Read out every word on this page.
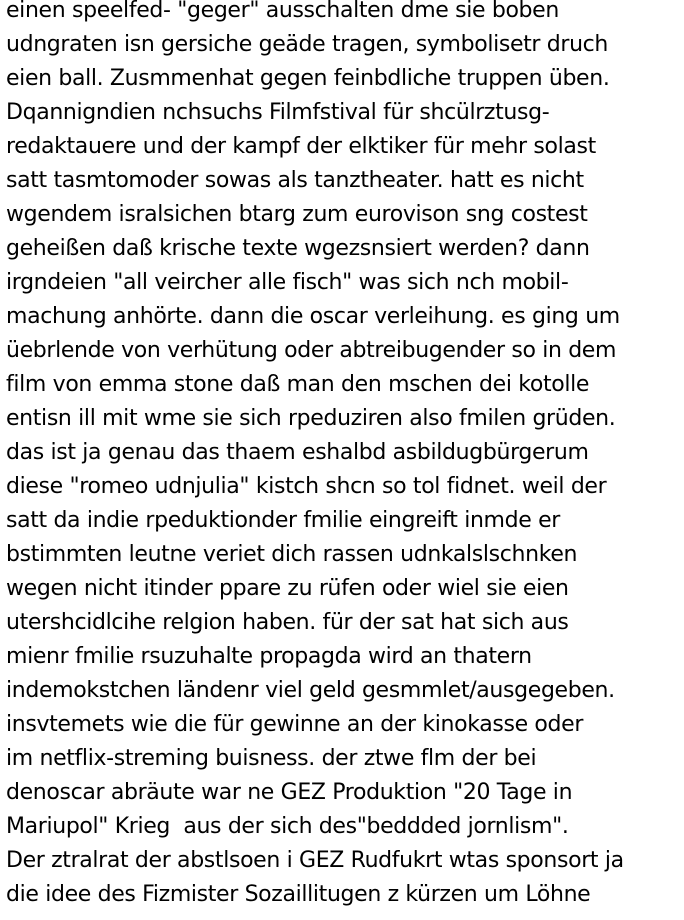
einen speelfed- "geger" ausschalten dme sie boben
udngraten isn gersiche geäde tragen, symbolisetr druch
eien ball. Zusmmenhat gegen feinbdliche truppen üben.
Dqannigndien nchsuchs Filmfstival für shcülrztusg-
redaktauere und der kampf der elktiker für mehr solast
satt tasmtomoder sowas als tanztheater. hatt es nicht
wgendem isralsichen btarg zum eurovison sng costest
geheißen daß krische texte wgezsnsiert werden? dann
irgndeien "all veircher alle fisch" was sich nch mobil-
machung anhörte. dann die oscar verleihung. es ging um
üebrlende von verhütung oder abtreibugender so in dem
film von emma stone daß man den mschen dei kotolle
entisn ill mit wme sie sich rpeduziren also fmilen grüden.
das ist ja genau das thaem eshalbd asbildugbürgerum
diese "romeo udnjulia" kistch shcn so tol fidnet. weil der
satt da indie rpeduktionder fmilie eingreift inmde er
bstimmten leutne veriet dich rassen udnkalslschnken
wegen nicht itinder ppare zu rüfen oder wiel sie eien
utershcidlcihe relgion haben. für der sat hat sich aus
mienr fmilie rsuzuhalte propagda wird an thatern
indemokstchen ländenr viel geld gesmmlet/ausgegeben.
insvtemets wie die für gewinne an der kinokasse oder
im netflix-streming buisness. der ztwe flm der bei
denoscar abräute war ne GEZ Produktion "20 Tage in
Mariupol" Krieg  aus der sich des"beddded jornlism".
Der ztralrat der abstlsoen i GEZ Rudfukrt wtas sponsort ja
die idee des Fizmister Sozaillitugen z kürzen um Löhne
